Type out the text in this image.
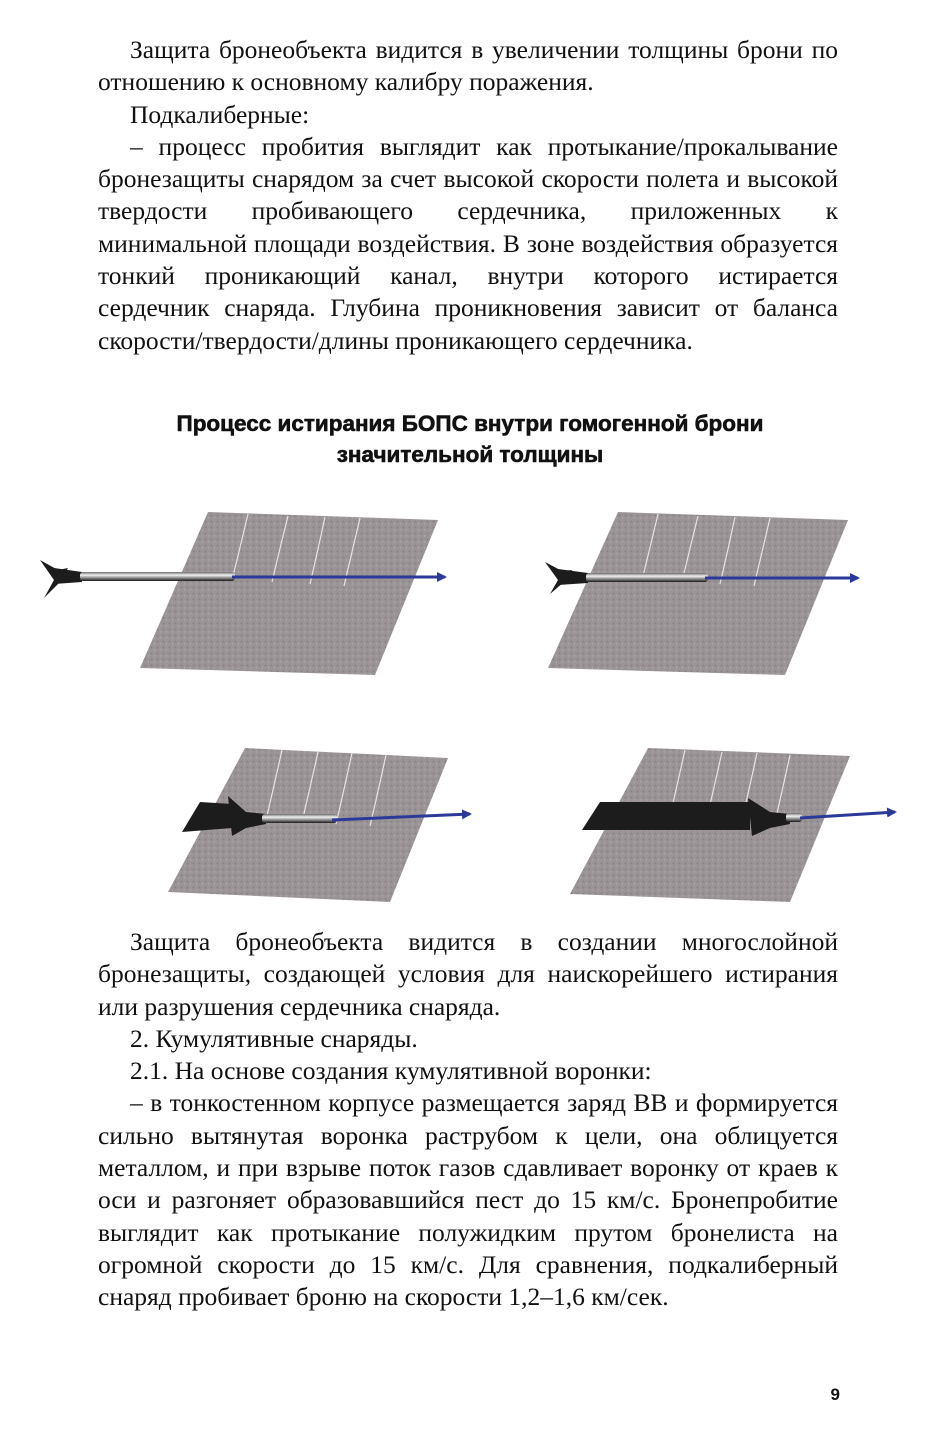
Защита бронеобъекта видится в увеличении толщины брони по отношению к основному калибру поражения.

Подкалиберные:

– процесс пробития выглядит как протыкание/прокалывание бронезащиты снарядом за счет высокой скорости полета и высокой твердости пробивающего сердечника, приложенных к минимальной площади воздействия. В зоне воздействия образуется тонкий проникающий канал, внутри которого истирается сердечник снаряда. Глубина проникновения зависит от баланса скорости/твердости/длины проникающего сердечника.

Процесс истирания БОПС внутри гомогенной брони
значительной толщины

Защита бронеобъекта видится в создании многослойной бронезащиты, создающей условия для наискорейшего истирания или разрушения сердечника снаряда.

2. Кумулятивные снаряды.

2.1. На основе создания кумулятивной воронки:

– в тонкостенном корпусе размещается заряд ВВ и формируется сильно вытянутая воронка раструбом к цели, она облицуется металлом, и при взрыве поток газов сдавливает воронку от краев к оси и разгоняет образовавшийся пест до 15 км/с. Бронепробитие выглядит как протыкание полужидким прутом бронелиста на огромной скорости до 15 км/с. Для сравнения, подкалиберный снаряд пробивает броню на скорости 1,2–1,6 км/сек.

9
